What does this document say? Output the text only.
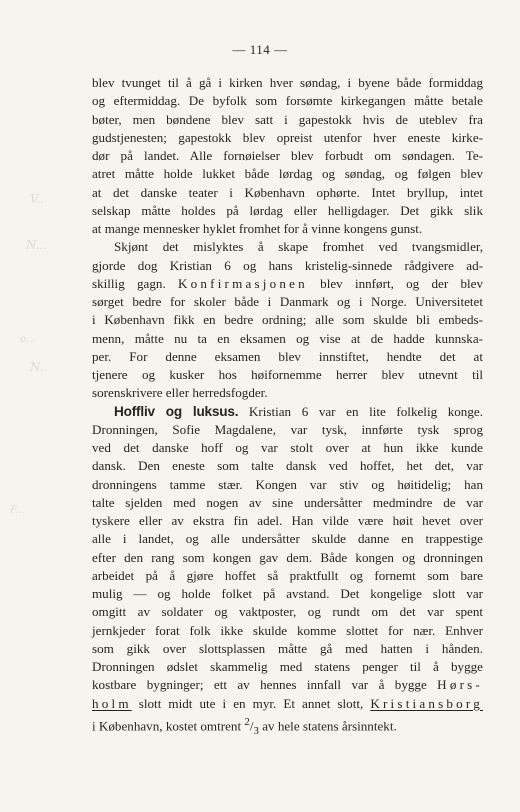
— 114 —
V..
N...
o...
N..
F...
blev tvunget til å gå i kirken hver søndag, i byene både formiddag
og eftermiddag. De byfolk som forsømte kirkegangen måtte betale
bøter, men bøndene blev satt i gapestokk hvis de uteblev fra
gudstjenesten; gapestokk blev opreist utenfor hver eneste kirke-
dør på landet. Alle fornøielser blev forbudt om søndagen. Te-
atret måtte holde lukket både lørdag og søndag, og følgen blev
at det danske teater i København ophørte. Intet bryllup, intet
selskap måtte holdes på lørdag eller helligdager. Det gikk slik
at mange mennesker hyklet fromhet for å vinne kongens gunst.
Skjønt det mislyktes å skape fromhet ved tvangsmidler,
gjorde dog Kristian 6 og hans kristelig-sinnede rådgivere ad-
skillig gagn. Konfirmasjonen blev innført, og der blev
sørget bedre for skoler både i Danmark og i Norge. Universitetet
i København fikk en bedre ordning; alle som skulde bli embeds-
menn, måtte nu ta en eksamen og vise at de hadde kunnska-
per. For denne eksamen blev innstiftet, hendte det at
tjenere og kusker hos høifornemme herrer blev utnevnt til
sorenskrivere eller herredsfogder.
Hoffliv og luksus. Kristian 6 var en lite folkelig konge.
Dronningen, Sofie Magdalene, var tysk, innførte tysk sprog
ved det danske hoff og var stolt over at hun ikke kunde
dansk. Den eneste som talte dansk ved hoffet, het det, var
dronningens tamme stær. Kongen var stiv og høitidelig; han
talte sjelden med nogen av sine undersåtter medmindre de var
tyskere eller av ekstra fin adel. Han vilde være høit hevet over
alle i landet, og alle undersåtter skulde danne en trappestige
efter den rang som kongen gav dem. Både kongen og dronningen
arbeidet på å gjøre hoffet så praktfullt og fornemt som bare
mulig — og holde folket på avstand. Det kongelige slott var
omgitt av soldater og vaktposter, og rundt om det var spent
jernkjeder forat folk ikke skulde komme slottet for nær. Enhver
som gikk over slottsplassen måtte gå med hatten i hånden.
Dronningen ødslet skammelig med statens penger til å bygge
kostbare bygninger; ett av hennes innfall var å bygge Hørs-
holm slott midt ute i en myr. Et annet slott, Kristiansborg
i København, kostet omtrent $^2/_3$ av hele statens årsinntekt.
